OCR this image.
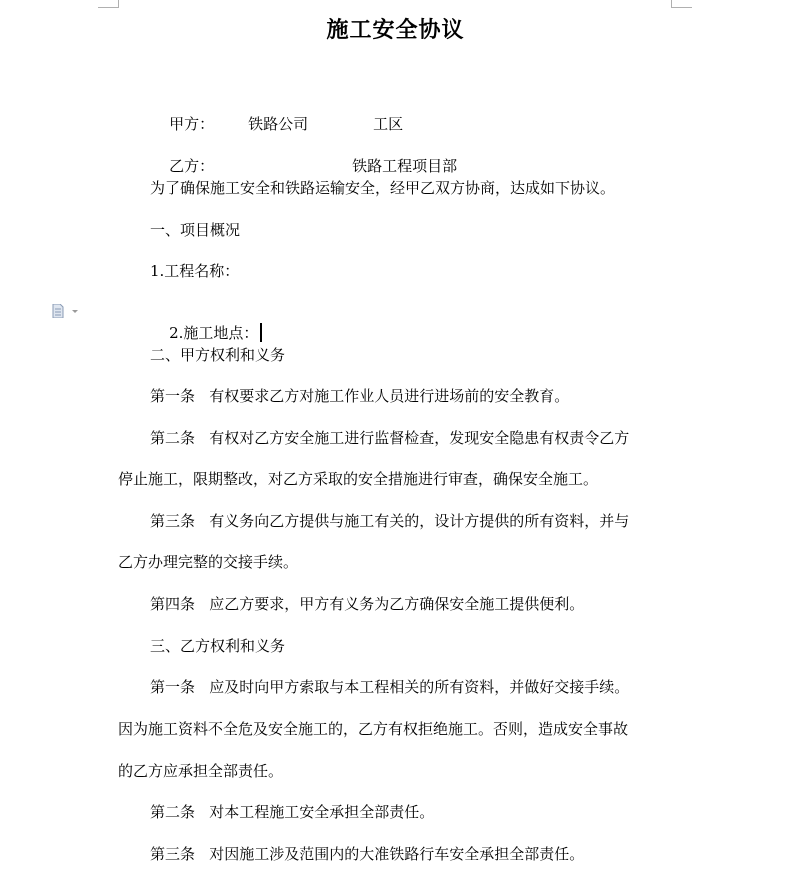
施工安全协议

甲方： 铁路公司	工区

乙方：	铁路工程项目部

为了确保施工安全和铁路运输安全，经甲乙双方协商，达成如下协议。
一、项目概况
1.工程名称：

2.施工地点：

二、甲方权利和义务
第一条   有权要求乙方对施工作业人员进行进场前的安全教育。
第二条   有权对乙方安全施工进行监督检查，发现安全隐患有权责令乙方
停止施工，限期整改，对乙方采取的安全措施进行审查，确保安全施工。
第三条   有义务向乙方提供与施工有关的，设计方提供的所有资料，并与
乙方办理完整的交接手续。
第四条   应乙方要求，甲方有义务为乙方确保安全施工提供便利。
三、乙方权利和义务
第一条   应及时向甲方索取与本工程相关的所有资料，并做好交接手续。
因为施工资料不全危及安全施工的，乙方有权拒绝施工。否则，造成安全事故
的乙方应承担全部责任。
第二条   对本工程施工安全承担全部责任。
第三条   对因施工涉及范围内的大准铁路行车安全承担全部责任。
